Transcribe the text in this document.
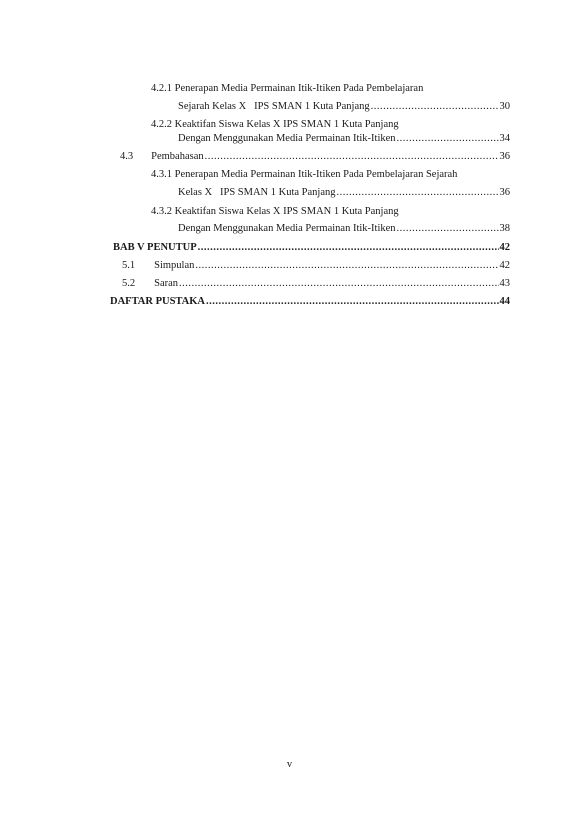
4.2.1 Penerapan Media Permainan Itik-Itiken Pada Pembelajaran
Sejarah Kelas X   IPS SMAN 1 Kuta Panjang .....	30
4.2.2 Keaktifan Siswa Kelas X IPS SMAN 1 Kuta Panjang
Dengan Menggunakan Media Permainan Itik-Itiken .....	34
4.3 Pembahasan .....	36
4.3.1 Penerapan Media Permainan Itik-Itiken Pada Pembelajaran Sejarah
Kelas X   IPS SMAN 1 Kuta Panjang .....	36
4.3.2 Keaktifan Siswa Kelas X IPS SMAN 1 Kuta Panjang
Dengan Menggunakan Media Permainan Itik-Itiken .....	38
BAB V PENUTUP .....	42
5.1 Simpulan .....	42
5.2 Saran .....	43
DAFTAR PUSTAKA .....	44
v
